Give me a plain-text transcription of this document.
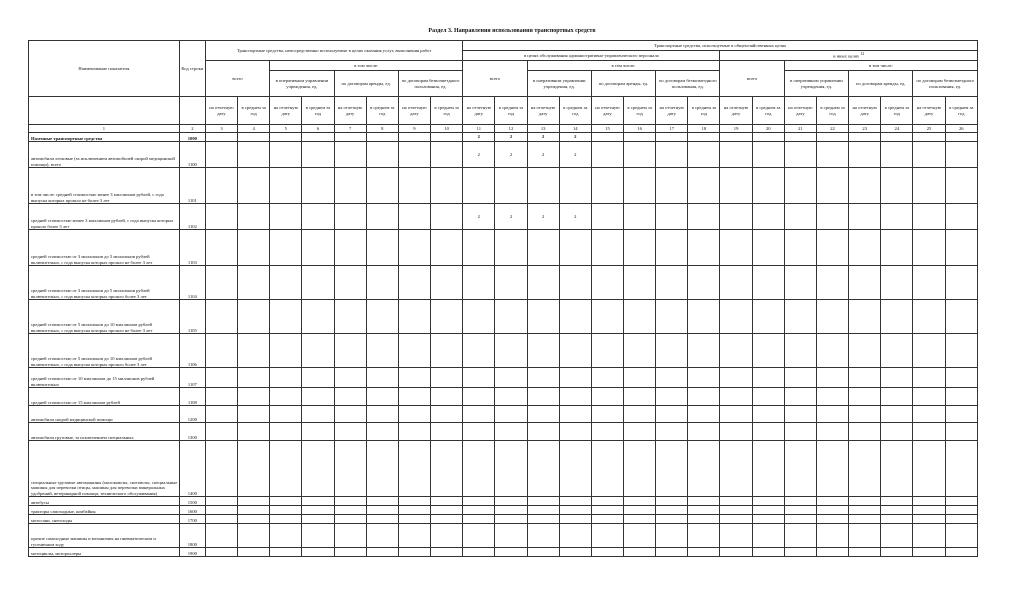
Раздел 3. Направления использования транспортных средств
Наименование показателя	Код строки	Транспортные средства, непосредственно используемые в целях оказания услуг, выполнения работ								Транспортные средства, используемые в общехозяйственных целях															
										в целях обслуживания административно-управленческого персонала								в иных целях $^{12}$
		всего		в том числе:						всего		в том числе:						всего		в том числе:					
				в оперативном управлении учреждения, ед.		по договорам аренды, ед.		по договорам безвозмездного пользования, ед.				в оперативном управлении учреждения, ед.		по договорам аренды, ед.		по договорам безвозмездного пользования, ед.				в оперативном управлении учреждения, ед.		по договорам аренды, ед.		по договорам безвозмездного пользования, ед.	
		на отчетную дату	в среднем за год	на отчетную дату	в среднем за год	на отчетную дату	в среднем за год	на отчетную дату	в среднем за год	на отчетную дату	в среднем за год	на отчетную дату	в среднем за год	на отчетную дату	в среднем за год	на отчетную дату	в среднем за год	на отчетную дату	в среднем за год	на отчетную дату	в среднем за год	на отчетную дату	в среднем за год	на отчетную дату	в среднем за год
1	2	3	4	5	6	7	8	9	10	11	12	13	14	15	16	17	18	19	20	21	22	23	24	25	26
Наземные транспортные средства	1000									2	2	2	2												
автомобили легковые (за исключением автомобилей скорой медицинской помощи), всего	1100									2	2	2	2												
в том числе: средней стоимостью менее 3 миллионов рублей, с года выпуска которых прошло не более 3 лет	1101																								
средней стоимостью менее 3 миллионов рублей, с года выпуска которых прошло более 3 лет	1102									2	2	2	2												
средней стоимостью от 3 миллионов до 5 миллионов рублей включительно, с года выпуска которых прошло не более 3 лет	1103																								
средней стоимостью от 3 миллионов до 5 миллионов рублей включительно, с года выпуска которых прошло более 3 лет	1104																								
средней стоимостью от 5 миллионов до 10 миллионов рублей включительно, с года выпуска которых прошло не более 3 лет	1105																								
средней стоимостью от 5 миллионов до 10 миллионов рублей включительно, с года выпуска которых прошло более 3 лет	1106																								
средней стоимостью от 10 миллионов до 15 миллионов рублей включительно	1107																								
средней стоимостью от 15 миллионов рублей	1108																								
автомобили скорой медицинской помощи	1200																								
автомобили грузовые, за исключением специальных	1300																								
специальные грузовые автомашины (молоковозы, скотовозы, специальные машины для перевозки птицы, машины для перевозки минеральных удобрений, ветеринарной помощи, технического обслуживания)	1400																								
автобусы	1500																								
тракторы самоходные, комбайны	1600																								
мотосани, снегоходы	1700																								
прочие самоходные машины и механизмы на пневматическом и гусеничном ходу	1800																								
мотоциклы, мотороллеры	1900																								
